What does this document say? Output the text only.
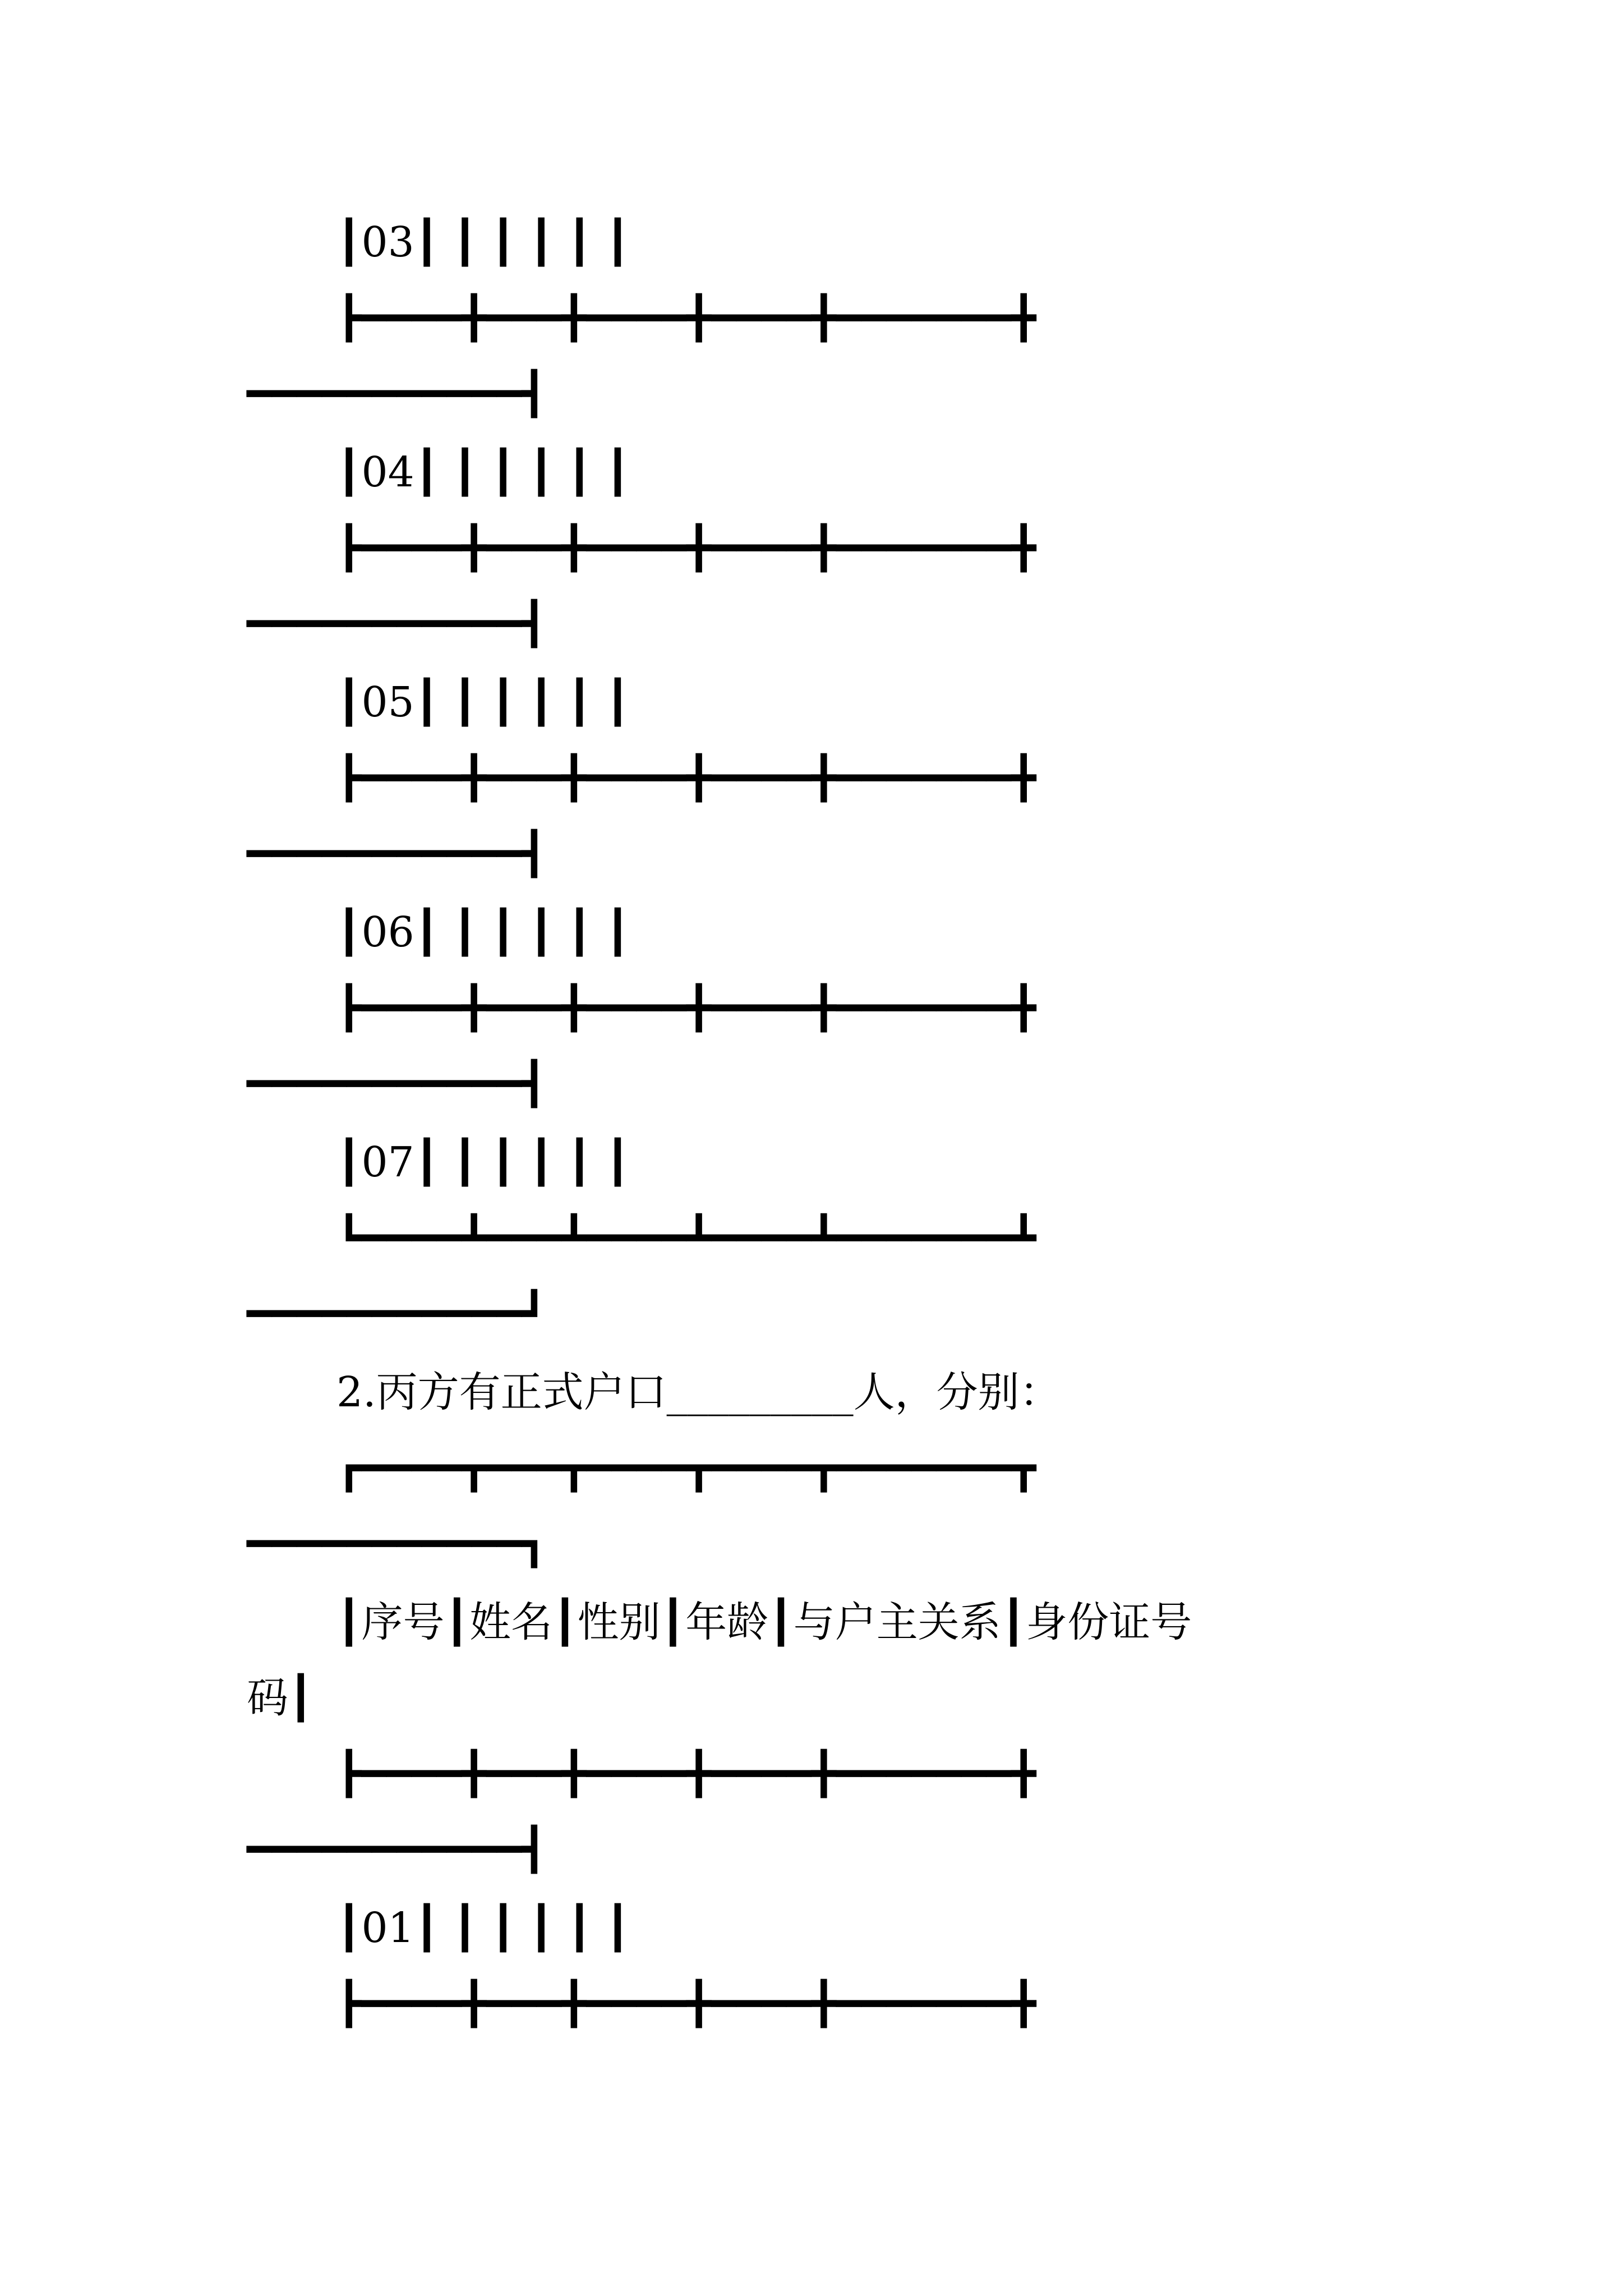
┃03┃ ┃ ┃ ┃ ┃ ┃
┣━━━━╋━━━╋━━━━╋━━━━╋━━━━━━━╋
━━━━━━━━━━━┫
┃04┃ ┃ ┃ ┃ ┃ ┃
┣━━━━╋━━━╋━━━━╋━━━━╋━━━━━━━╋
━━━━━━━━━━━┫
┃05┃ ┃ ┃ ┃ ┃ ┃
┣━━━━╋━━━╋━━━━╋━━━━╋━━━━━━━╋
━━━━━━━━━━━┫
┃06┃ ┃ ┃ ┃ ┃ ┃
┣━━━━╋━━━╋━━━━╋━━━━╋━━━━━━━╋
━━━━━━━━━━━┫
┃07┃ ┃ ┃ ┃ ┃ ┃
┗━━━━┻━━━┻━━━━┻━━━━┻━━━━━━━┻
━━━━━━━━━━━┛
2.丙方有正式户口_________人，分别：
┏━━━━┳━━━┳━━━━┳━━━━┳━━━━━━━┳
━━━━━━━━━━━┓
┃序号┃姓名┃性别┃年龄┃与户主关系┃身份证号
码┃
┣━━━━╋━━━╋━━━━╋━━━━╋━━━━━━━╋
━━━━━━━━━━━┫
┃01┃ ┃ ┃ ┃ ┃ ┃
┣━━━━╋━━━╋━━━━╋━━━━╋━━━━━━━╋
